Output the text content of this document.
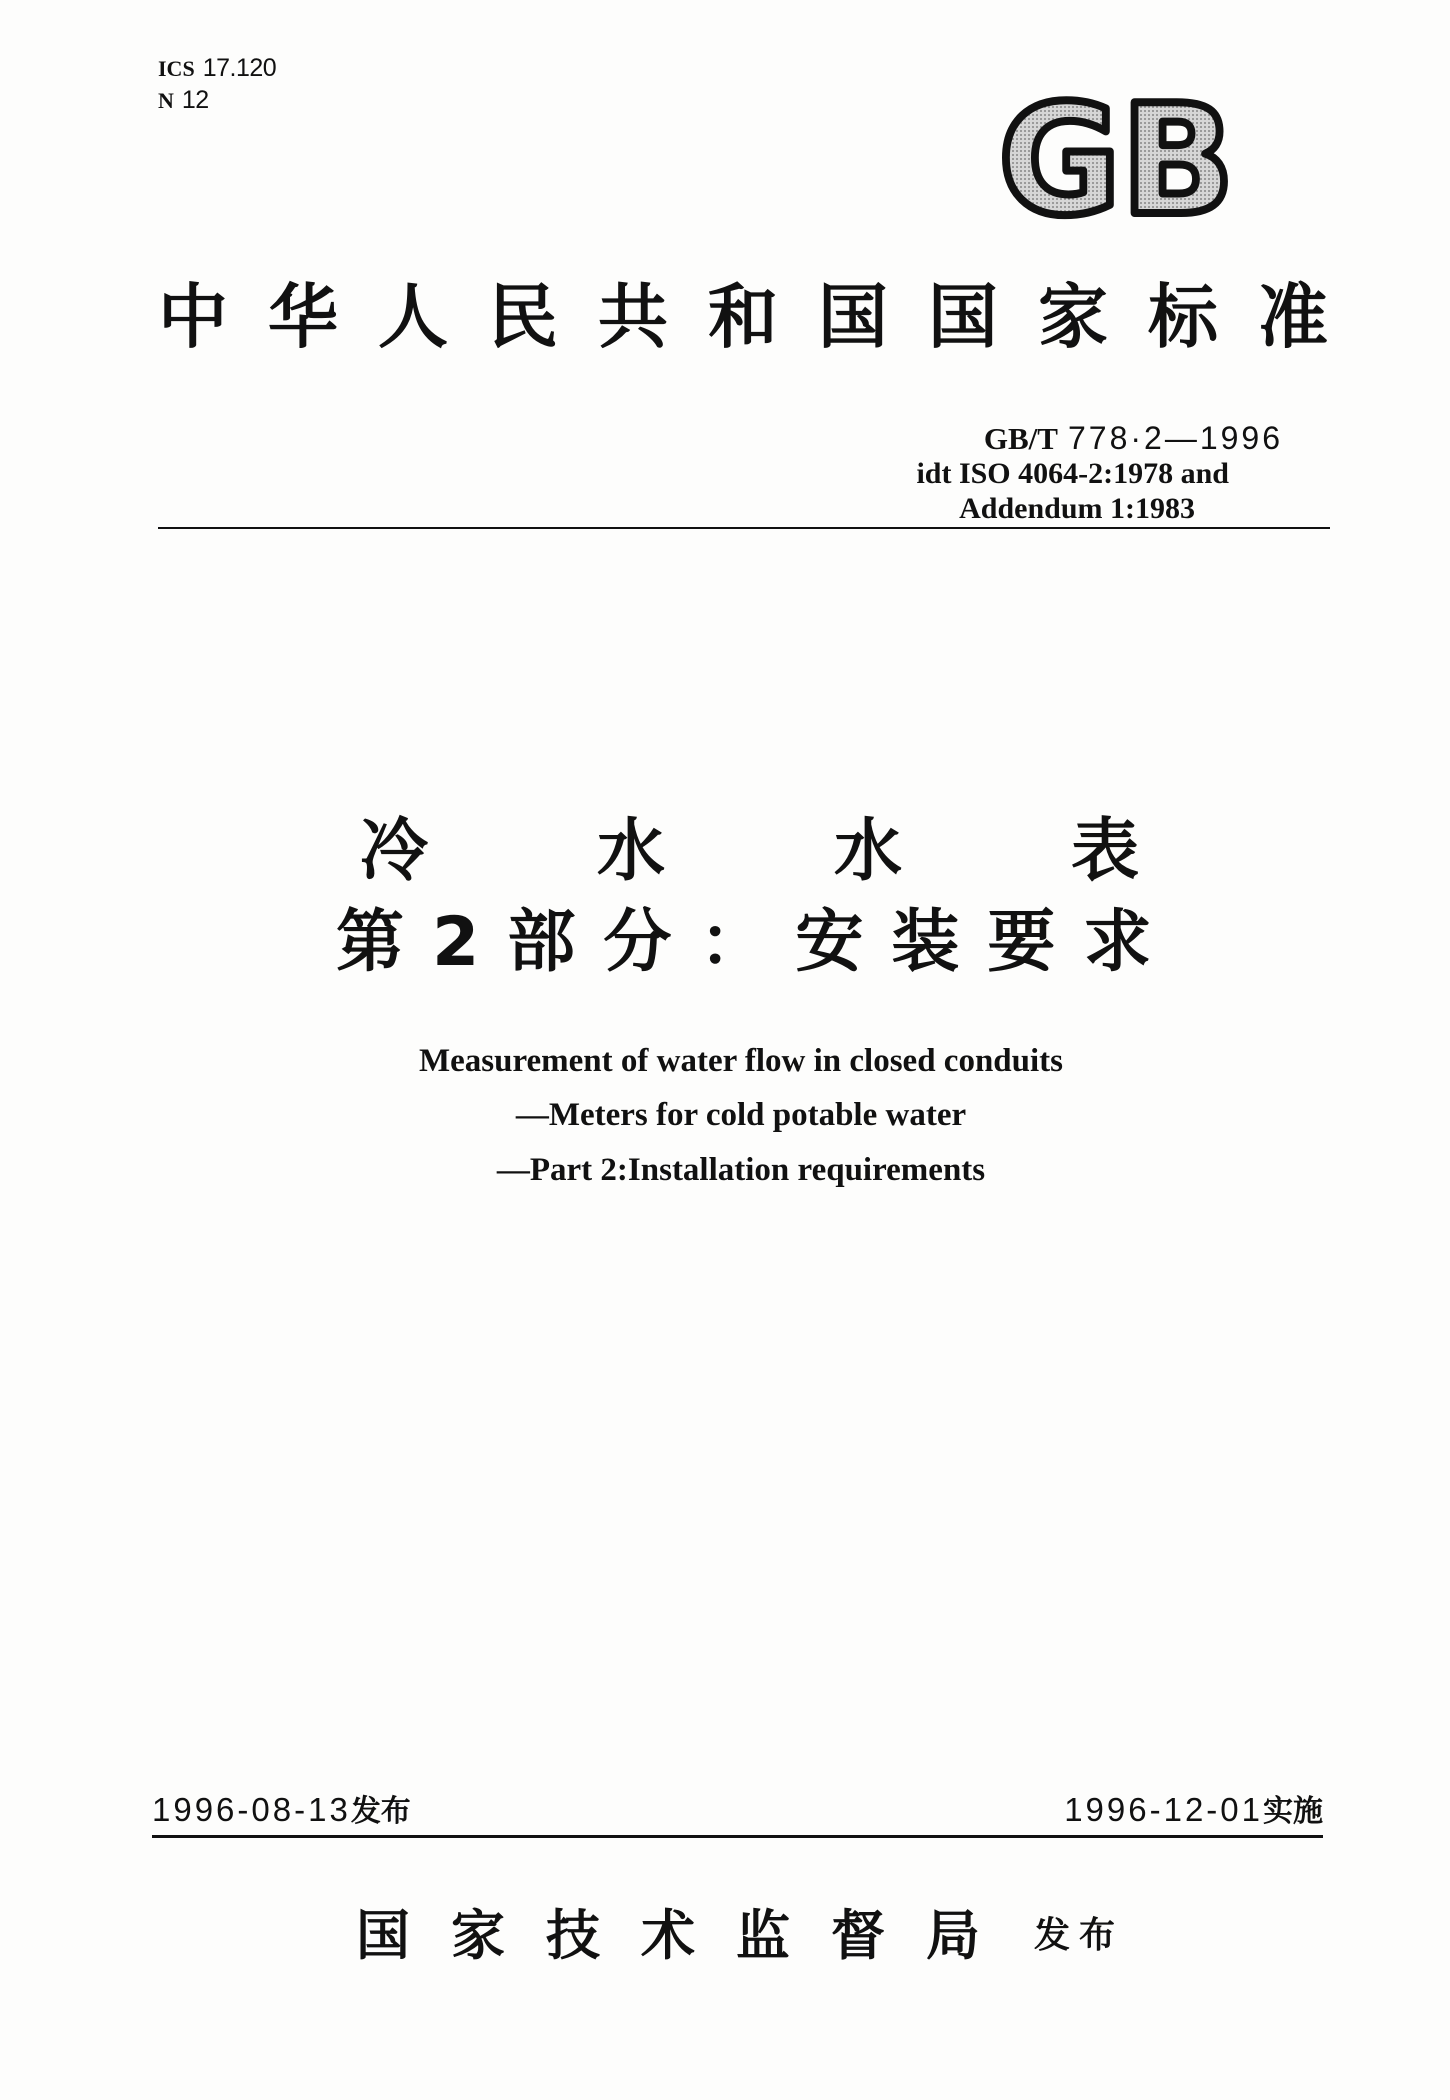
ICS 17.120
N 12	GB
中华人民共和国国家标准
GB/T 778·2—1996
idt ISO 4064-2:1978 and
Addendum 1:1983
冷水水表
第2部分：安装要求
Measurement of water flow in closed conduits
—Meters for cold potable water
—Part 2:Installation requirements
1996-08-13发布	1996-12-01实施
国家技术监督局 发布
